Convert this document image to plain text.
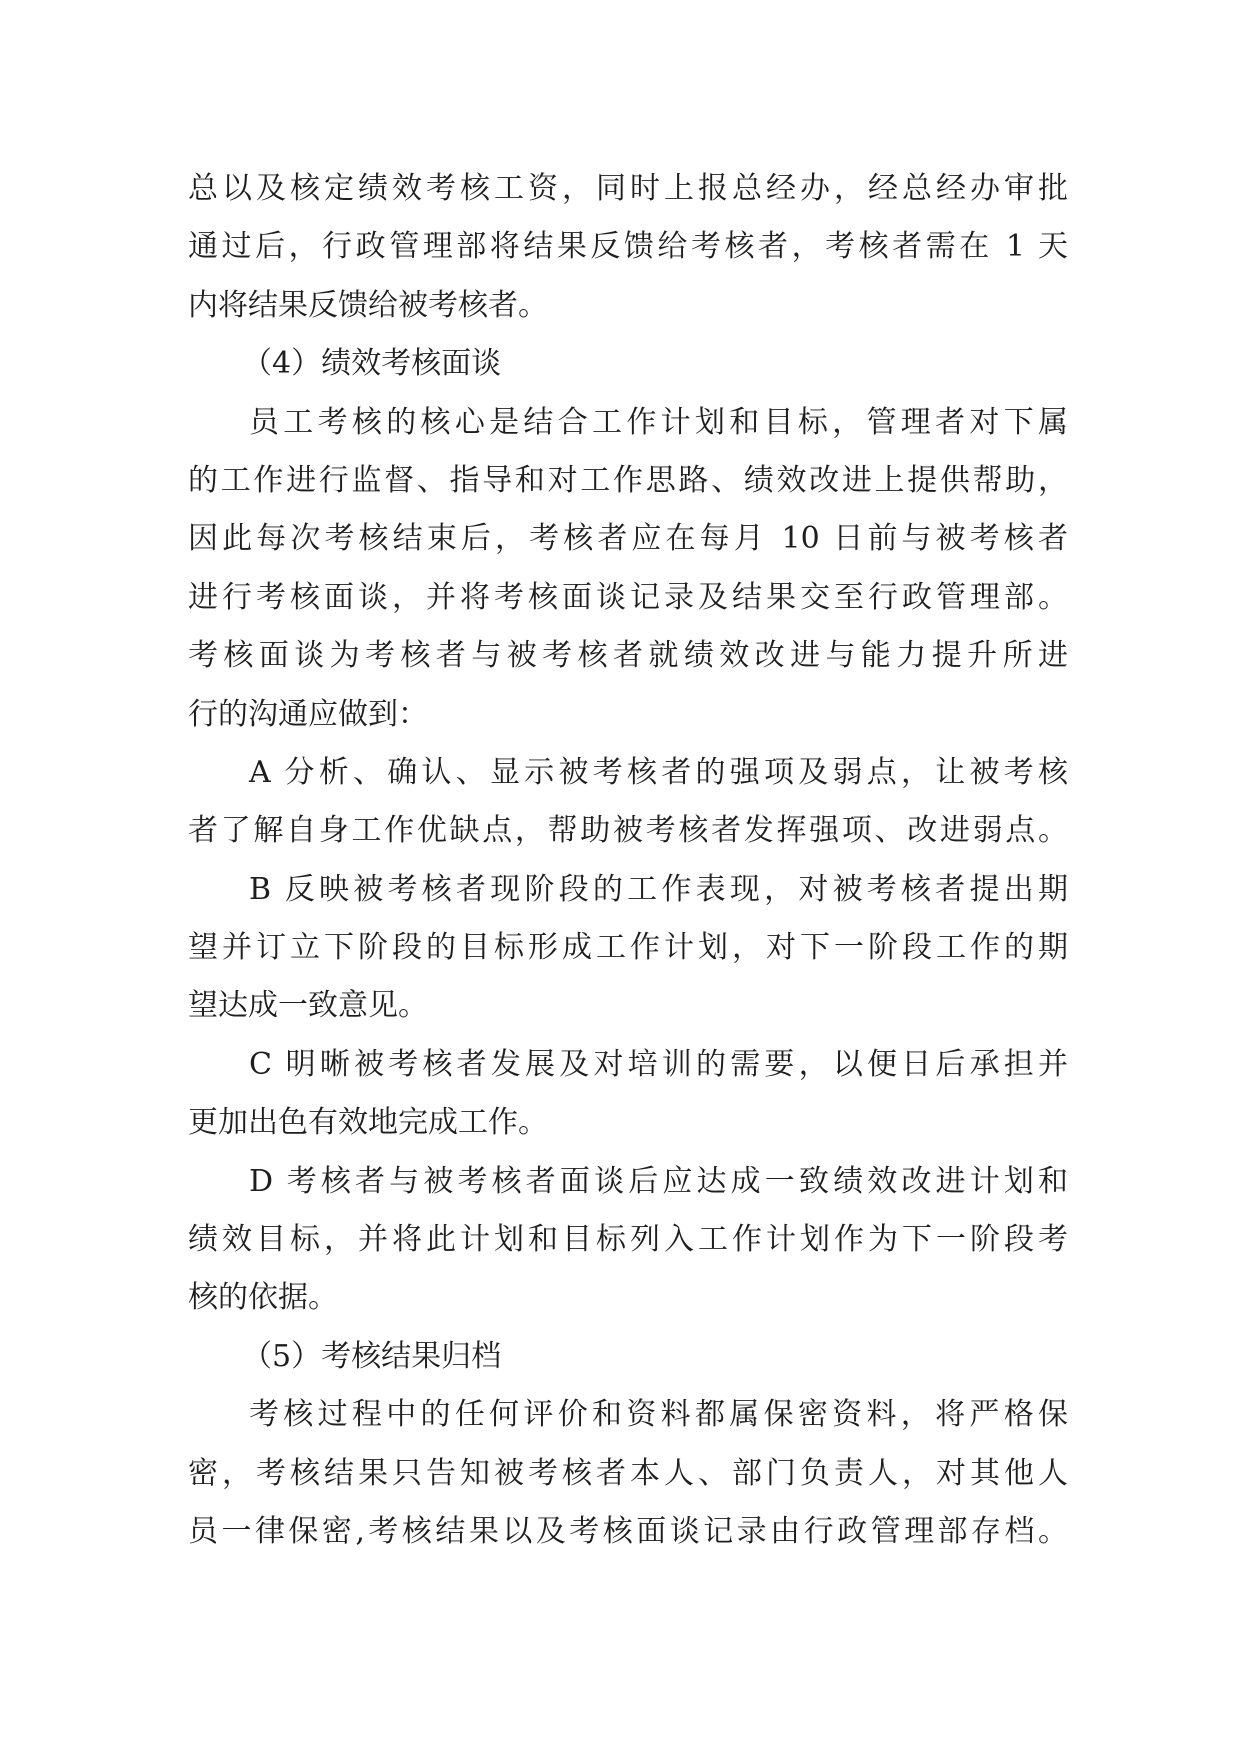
总以及核定绩效考核工资，同时上报总经办，经总经办审批
通过后，行政管理部将结果反馈给考核者，考核者需在 1 天
内将结果反馈给被考核者。
（4）绩效考核面谈
员工考核的核心是结合工作计划和目标，管理者对下属
的工作进行监督、指导和对工作思路、绩效改进上提供帮助，
因此每次考核结束后，考核者应在每月 10 日前与被考核者
进行考核面谈，并将考核面谈记录及结果交至行政管理部。
考核面谈为考核者与被考核者就绩效改进与能力提升所进
行的沟通应做到：
A 分析、确认、显示被考核者的强项及弱点，让被考核
者了解自身工作优缺点，帮助被考核者发挥强项、改进弱点。
B 反映被考核者现阶段的工作表现，对被考核者提出期
望并订立下阶段的目标形成工作计划，对下一阶段工作的期
望达成一致意见。
C 明晰被考核者发展及对培训的需要，以便日后承担并
更加出色有效地完成工作。
D 考核者与被考核者面谈后应达成一致绩效改进计划和
绩效目标，并将此计划和目标列入工作计划作为下一阶段考
核的依据。
（5）考核结果归档
考核过程中的任何评价和资料都属保密资料，将严格保
密，考核结果只告知被考核者本人、部门负责人，对其他人
员一律保密,考核结果以及考核面谈记录由行政管理部存档。
